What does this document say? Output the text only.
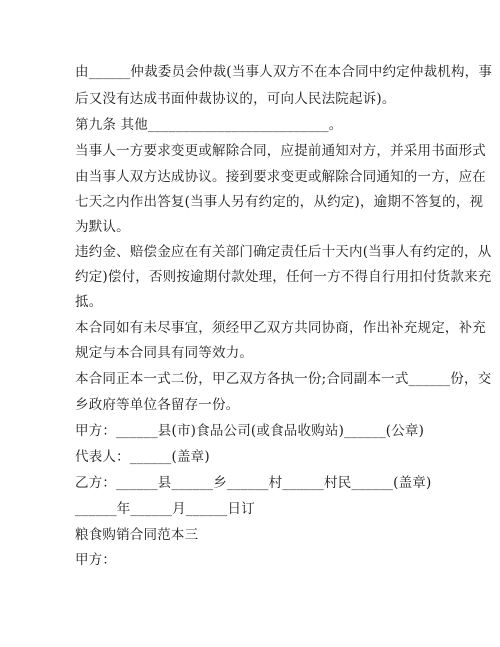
由______仲裁委员会仲裁(当事人双方不在本合同中约定仲裁机构，事
后又没有达成书面仲裁协议的，可向人民法院起诉)。
第九条 其他__________________________。
当事人一方要求变更或解除合同，应提前通知对方，并采用书面形式
由当事人双方达成协议。接到要求变更或解除合同通知的一方，应在
七天之内作出答复(当事人另有约定的，从约定)，逾期不答复的，视
为默认。
违约金、赔偿金应在有关部门确定责任后十天内(当事人有约定的，从
约定)偿付，否则按逾期付款处理，任何一方不得自行用扣付货款来充
抵。
本合同如有未尽事宜，须经甲乙双方共同协商，作出补充规定，补充
规定与本合同具有同等效力。
本合同正本一式二份，甲乙双方各执一份;合同副本一式______份，交
乡政府等单位各留存一份。
甲方：______县(市)食品公司(或食品收购站)______(公章)
代表人：______(盖章)
乙方：______县______乡______村______村民______(盖章)
______年______月______日订
粮食购销合同范本三
甲方：
